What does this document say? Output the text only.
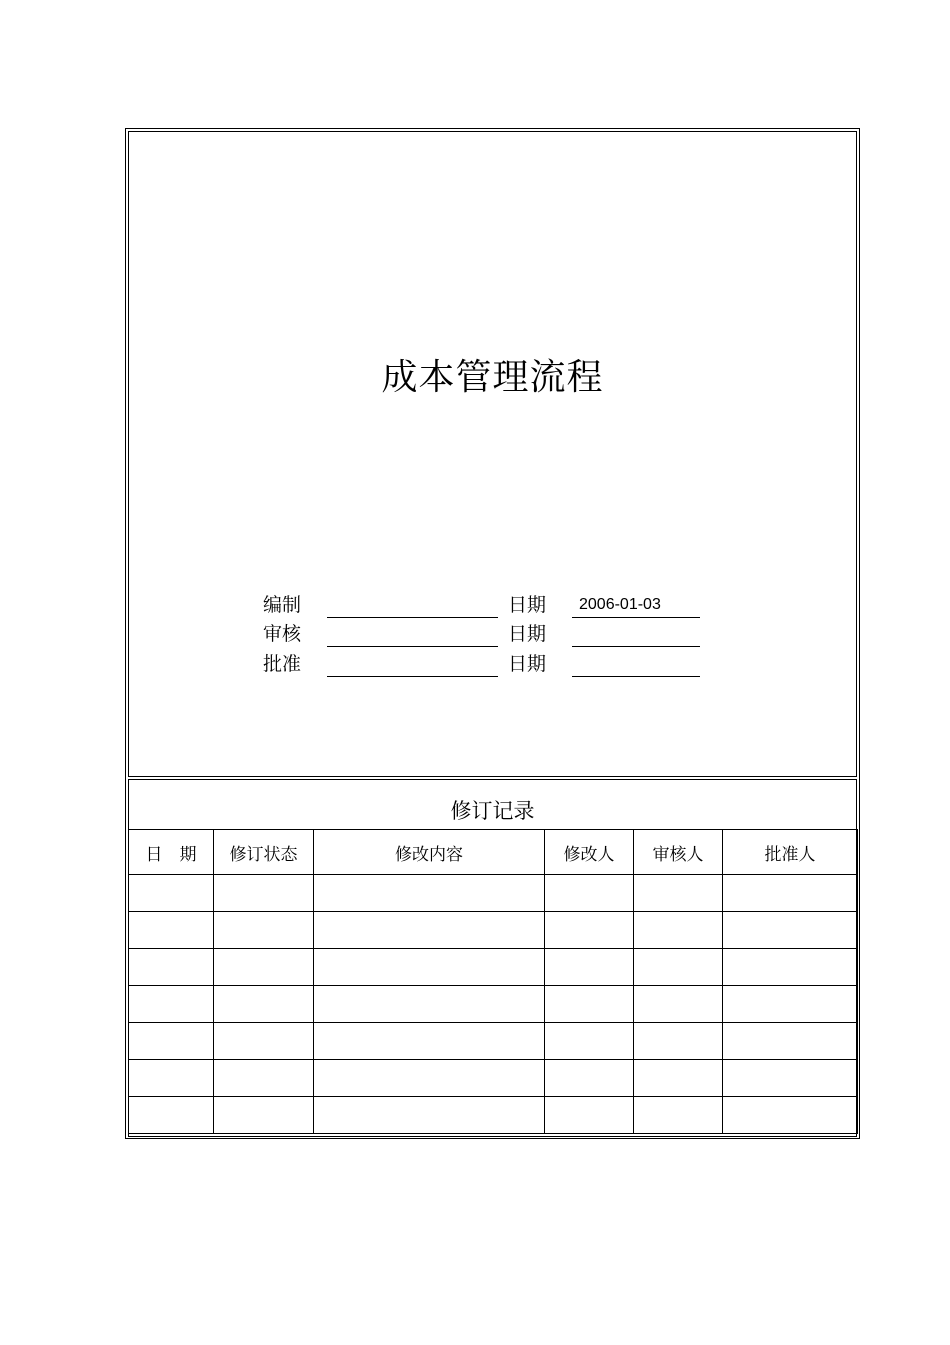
成本管理流程
编制	日期 2006-01-03
审核	日期
批准	日期
修订记录
日　期	修订状态	修改内容	修改人	审核人	批准人
